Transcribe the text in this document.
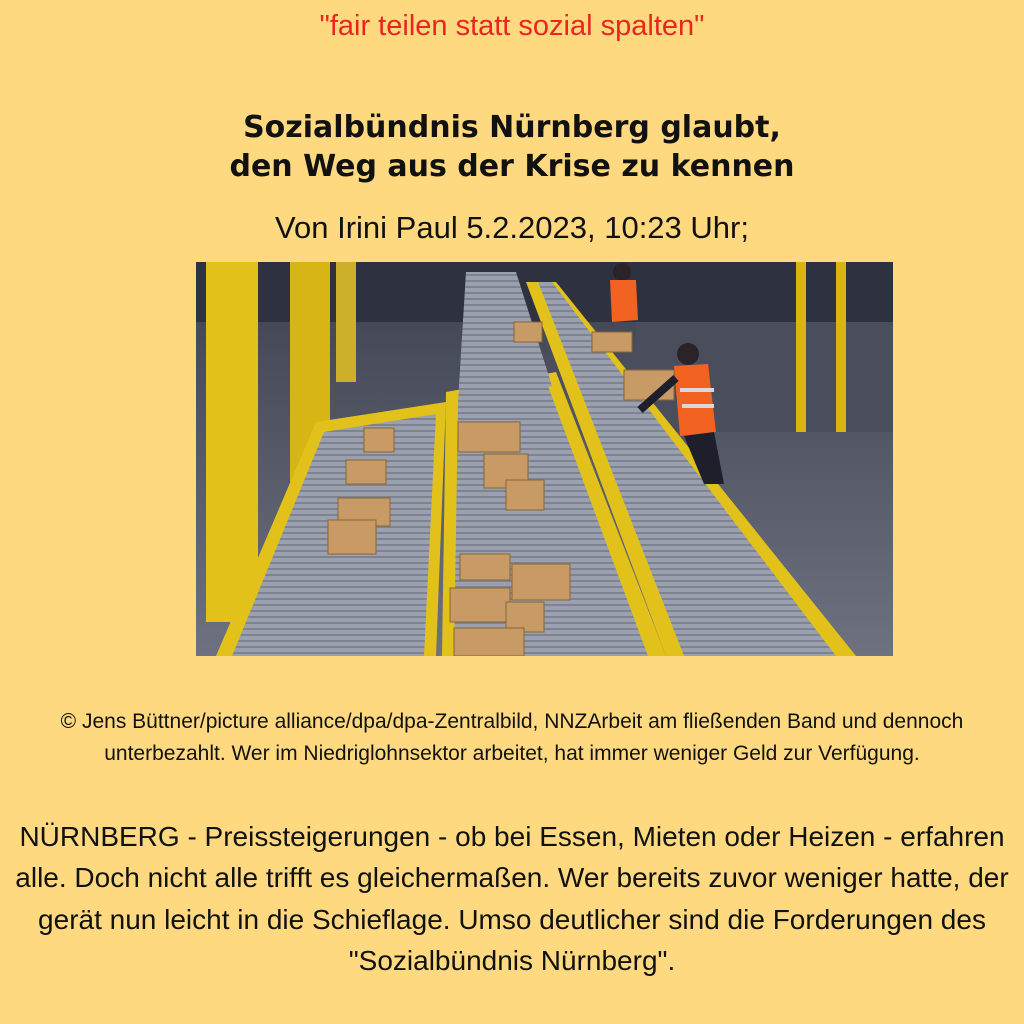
"fair teilen statt sozial spalten"
Sozialbündnis Nürnberg glaubt,
den Weg aus der Krise zu kennen
Von Irini Paul 5.2.2023, 10:23 Uhr;
© Jens Büttner/picture alliance/dpa/dpa-Zentralbild, NNZArbeit am fließenden Band und dennoch unterbezahlt. Wer im Niedriglohnsektor arbeitet, hat immer weniger Geld zur Verfügung.
NÜRNBERG - Preissteigerungen - ob bei Essen, Mieten oder Heizen - erfahren alle. Doch nicht alle trifft es gleichermaßen. Wer bereits zuvor weniger hatte, der gerät nun leicht in die Schieflage. Umso deutlicher sind die Forderungen des "Sozialbündnis Nürnberg".
